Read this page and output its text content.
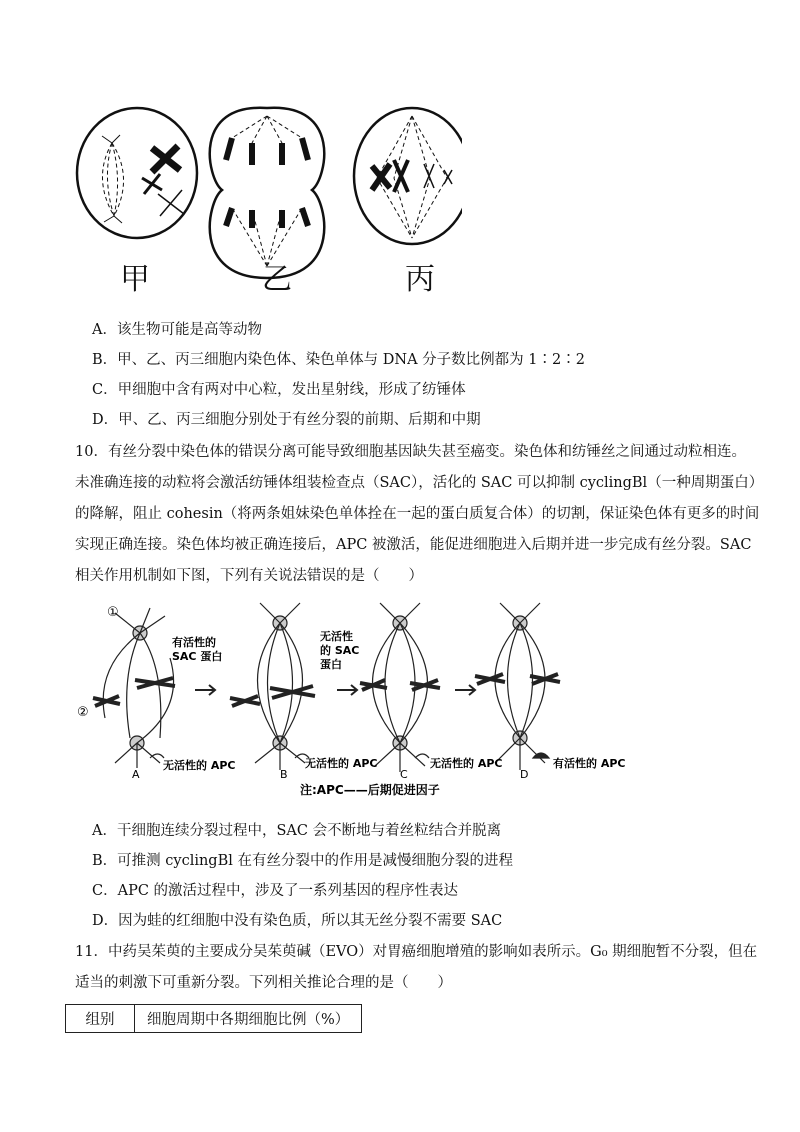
甲	乙	丙
A．该生物可能是高等动物
B．甲、乙、丙三细胞内染色体、染色单体与 DNA 分子数比例都为 1∶2∶2
C．甲细胞中含有两对中心粒，发出星射线，形成了纺锤体
D．甲、乙、丙三细胞分别处于有丝分裂的前期、后期和中期
10．有丝分裂中染色体的错误分离可能导致细胞基因缺失甚至癌变。染色体和纺锤丝之间通过动粒相连。
未准确连接的动粒将会激活纺锤体组装检查点（SAC），活化的 SAC 可以抑制 cyclingBl（一种周期蛋白）
的降解，阻止 cohesin（将两条姐妹染色单体拴在一起的蛋白质复合体）的切割，保证染色体有更多的时间
实现正确连接。染色体均被正确连接后，APC 被激活，能促进细胞进入后期并进一步完成有丝分裂。SAC
相关作用机制如下图，下列有关说法错误的是（　　）
①
②
有活性的
SAC 蛋白
无活性
的 SAC
蛋白
无活性的 APC	无活性的 APC	无活性的 APC	有活性的 APC
A	B	C	D
注:APC——后期促进因子
A．干细胞连续分裂过程中，SAC 会不断地与着丝粒结合并脱离
B．可推测 cyclingBl 在有丝分裂中的作用是减慢细胞分裂的进程
C．APC 的激活过程中，涉及了一系列基因的程序性表达
D．因为蛙的红细胞中没有染色质，所以其无丝分裂不需要 SAC
11．中药吴茱萸的主要成分吴茱萸碱（EVO）对胃癌细胞增殖的影响如表所示。G₀ 期细胞暂不分裂，但在
适当的刺激下可重新分裂。下列相关推论合理的是（　　）
组别	细胞周期中各期细胞比例（%）
